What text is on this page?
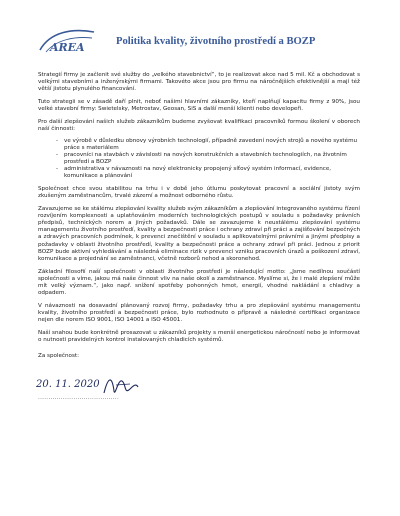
AREA	Politika kvality, životního prostředí a BOZP

Strategií firmy je začlenit své služby do „velkého stavebnictví“, to je realizovat akce nad 5 mil. Kč a obchodovat s velkými stavebními a inženýrskými firmami. Takovéto akce jsou pro firmu na náročnějších efektivnější a mají též větší jistotu plynulého financování.

Tuto strategii se v zásadě daří plnit, neboť našimi hlavními zákazníky, kteří naplňují kapacitu firmy z 90%, jsou velké stavební firmy: Swietelsky, Metrostav, Geosan, SiS a další menší klienti nebo developeři.

Pro další zlepšování našich služeb zákazníkům budeme zvyšovat kvalifikaci pracovníků formou školení v oborech naší činnosti:

- ve výrobě v důsledku obnovy výrobních technologií, případně zavedení nových strojů a nového systému práce s materiálem
- pracovníci na stavbách v závislosti na nových konstrukčních a stavebních technologiích, na životním prostředí a BOZP
- administrativa v návaznosti na nový elektronicky propojený síťový systém informací, evidence, komunikace a plánování

Společnost chce svou stabilitou na trhu i v době jeho útlumu poskytovat pracovní a sociální jistoty svým zkušeným zaměstnancům, trvalé zázemí a možnost odborného růstu.

Zavazujeme se ke stálému zlepšování kvality služeb svým zákazníkům a zlepšování integrovaného systému řízení rozvíjením komplexnosti a uplatňováním moderních technologických postupů v souladu s požadavky právních předpisů, technických norem a jiných požadavků. Dále se zavazujeme k neustálému zlepšování systému managementu životního prostředí, kvality a bezpečnosti práce i ochrany zdraví při práci a zajišťování bezpečných a zdravých pracovních podmínek, k prevenci znečištění v souladu s aplikovatelnými právními a jinými předpisy a požadavky v oblasti životního prostředí, kvality a bezpečnosti práce a ochrany zdraví při práci. Jednou z priorit BOZP bude aktivní vyhledávání a následná eliminace rizik v prevenci vzniku pracovních úrazů a poškození zdraví, komunikace a projednání se zaměstnanci, včetně rozborů nehod a skoronehod.

Základní filosofií naší společnosti v oblasti životního prostředí je následující motto: „Jsme nedílnou součástí společnosti a víme, jakou má naše činnost vliv na naše okolí a zaměstnance. Myslíme si, že i malé zlepšení může mít velký význam.“, jako např. snížení spotřeby pohonných hmot, energií, vhodné nakládání s chladivy a odpadem.

V návaznosti na dosavadní plánovaný rozvoj firmy, požadavky trhu a pro zlepšování systému managementu kvality, životního prostředí a bezpečnosti práce, bylo rozhodnuto o přípravě a následné certifikaci organizace nejen dle norem ISO 9001, ISO 14001 a ISO 45001.

Naší snahou bude konkrétně prosazovat u zákazníků projekty s menší energetickou náročností nebo je informovat o nutnosti pravidelných kontrol instalovaných chladicích systémů.

Za společnost:
20. 11. 2020
.......................................
